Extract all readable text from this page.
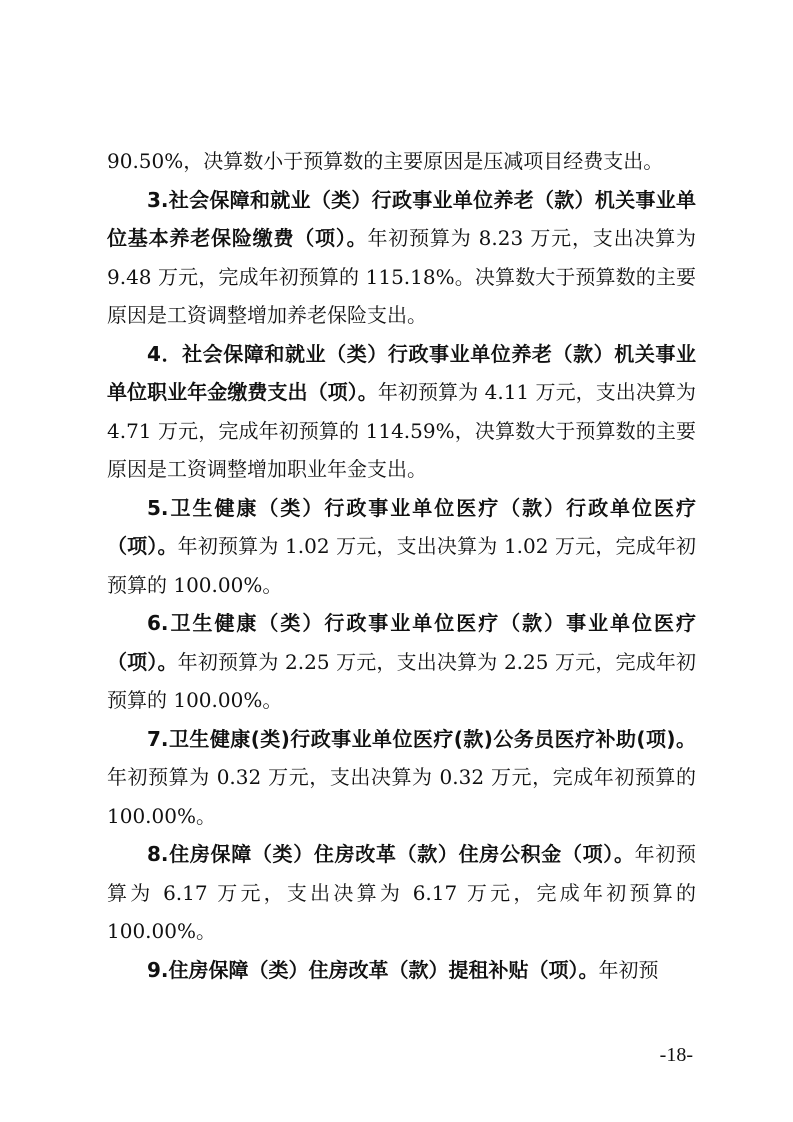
90.50%，决算数小于预算数的主要原因是压减项目经费支出。

3.社会保障和就业（类）行政事业单位养老（款）机关事业单位基本养老保险缴费（项）。年初预算为 8.23 万元，支出决算为 9.48 万元，完成年初预算的 115.18%。决算数大于预算数的主要原因是工资调整增加养老保险支出。

4．社会保障和就业（类）行政事业单位养老（款）机关事业单位职业年金缴费支出（项）。年初预算为 4.11 万元，支出决算为 4.71 万元，完成年初预算的 114.59%，决算数大于预算数的主要原因是工资调整增加职业年金支出。

5.卫生健康（类）行政事业单位医疗（款）行政单位医疗（项）。年初预算为 1.02 万元，支出决算为 1.02 万元，完成年初预算的 100.00%。

6.卫生健康（类）行政事业单位医疗（款）事业单位医疗（项）。年初预算为 2.25 万元，支出决算为 2.25 万元，完成年初预算的 100.00%。

7.卫生健康(类)行政事业单位医疗(款)公务员医疗补助(项)。年初预算为 0.32 万元，支出决算为 0.32 万元，完成年初预算的 100.00%。

8.住房保障（类）住房改革（款）住房公积金（项）。年初预算为 6.17 万元，支出决算为 6.17 万元，完成年初预算的 100.00%。

9.住房保障（类）住房改革（款）提租补贴（项）。年初预

-18-
